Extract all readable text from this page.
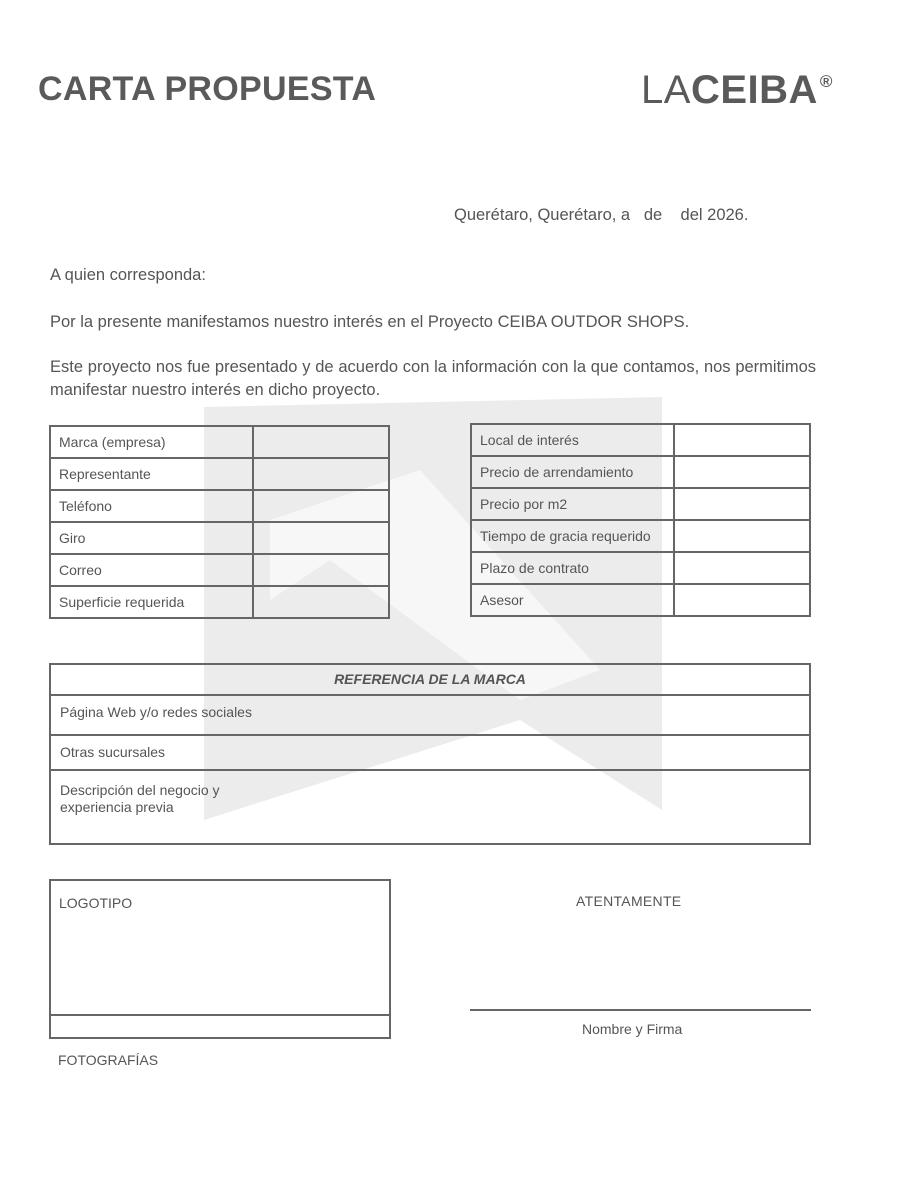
CARTA PROPUESTA	LACEIBA ®
Querétaro, Querétaro, a   de    del 2026.
A quien corresponda:
Por la presente manifestamos nuestro interés en el Proyecto CEIBA OUTDOR SHOPS.
Este proyecto nos fue presentado y de acuerdo con la información con la que contamos, nos permitimos manifestar nuestro interés en dicho proyecto.
Marca (empresa)	
Representante	
Teléfono	
Giro	
Correo	
Superficie requerida	
Local de interés	
Precio de arrendamiento	
Precio por m2	
Tiempo de gracia requerido	
Plazo de contrato	
Asesor	
REFERENCIA DE LA MARCA
Página Web y/o redes sociales
Otras sucursales
Descripción del negocio y
experiencia previa
LOGOTIPO
FOTOGRAFÍAS
ATENTAMENTE
Nombre y Firma
